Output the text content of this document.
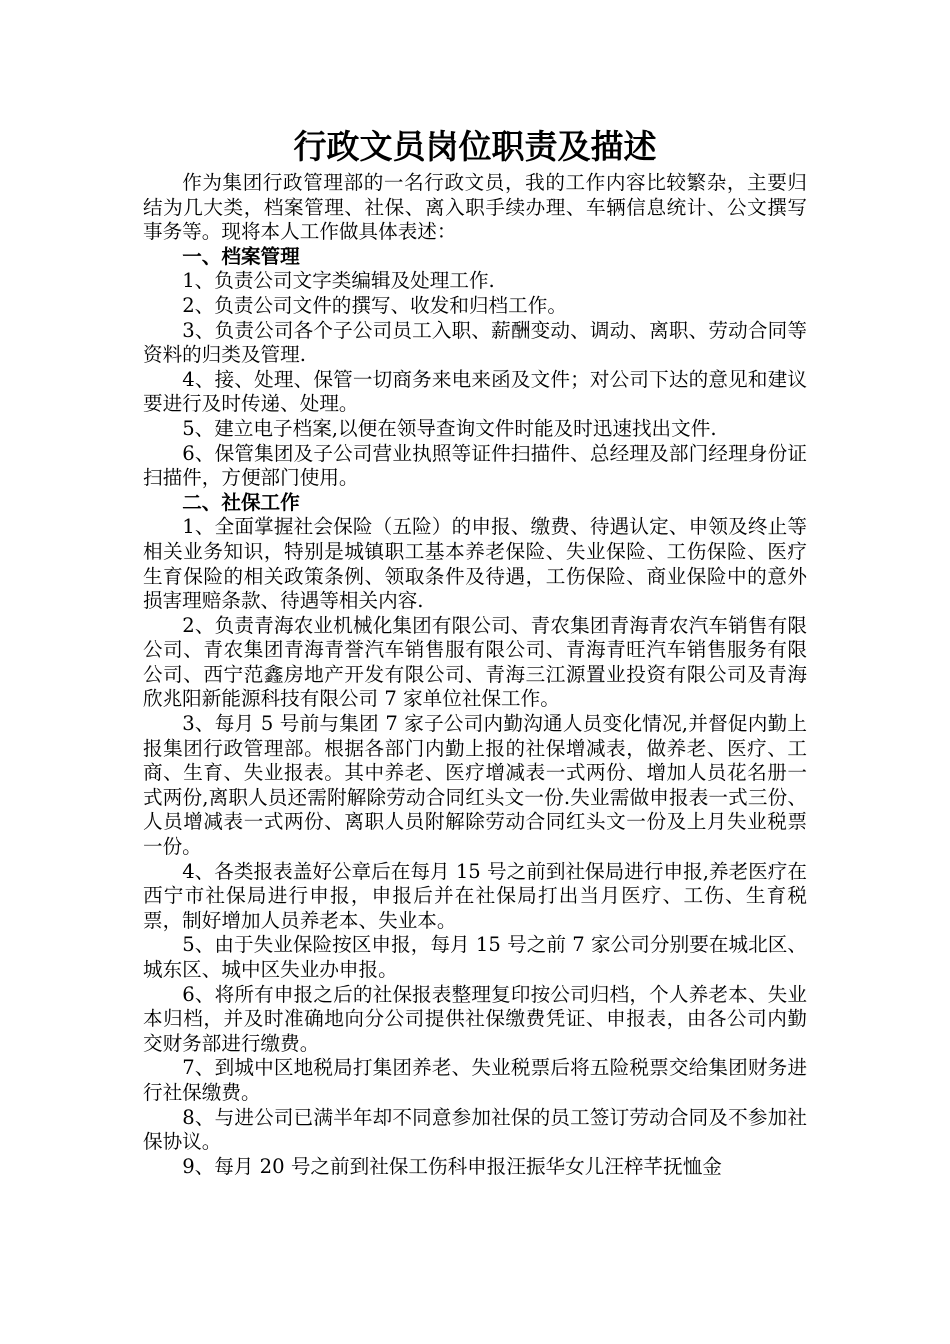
行政文员岗位职责及描述

作为集团行政管理部的一名行政文员，我的工作内容比较繁杂，主要归结为几大类，档案管理、社保、离入职手续办理、车辆信息统计、公文撰写事务等。现将本人工作做具体表述：

一、档案管理

1、负责公司文字类编辑及处理工作.

2、负责公司文件的撰写、收发和归档工作。

3、负责公司各个子公司员工入职、薪酬变动、调动、离职、劳动合同等资料的归类及管理.

4、接、处理、保管一切商务来电来函及文件；对公司下达的意见和建议要进行及时传递、处理。

5、建立电子档案,以便在领导查询文件时能及时迅速找出文件.

6、保管集团及子公司营业执照等证件扫描件、总经理及部门经理身份证扫描件，方便部门使用。

二、社保工作

1、全面掌握社会保险（五险）的申报、缴费、待遇认定、申领及终止等相关业务知识，特别是城镇职工基本养老保险、失业保险、工伤保险、医疗生育保险的相关政策条例、领取条件及待遇，工伤保险、商业保险中的意外损害理赔条款、待遇等相关内容.

2、负责青海农业机械化集团有限公司、青农集团青海青农汽车销售有限公司、青农集团青海青誉汽车销售服有限公司、青海青旺汽车销售服务有限公司、西宁范鑫房地产开发有限公司、青海三江源置业投资有限公司及青海欣兆阳新能源科技有限公司 7 家单位社保工作。

3、每月 5 号前与集团 7 家子公司内勤沟通人员变化情况,并督促内勤上报集团行政管理部。根据各部门内勤上报的社保增减表，做养老、医疗、工商、生育、失业报表。其中养老、医疗增减表一式两份、增加人员花名册一式两份,离职人员还需附解除劳动合同红头文一份.失业需做申报表一式三份、人员增减表一式两份、离职人员附解除劳动合同红头文一份及上月失业税票一份。

4、各类报表盖好公章后在每月 15 号之前到社保局进行申报,养老医疗在西宁市社保局进行申报，申报后并在社保局打出当月医疗、工伤、生育税票，制好增加人员养老本、失业本。

5、由于失业保险按区申报，每月 15 号之前 7 家公司分别要在城北区、城东区、城中区失业办申报。

6、将所有申报之后的社保报表整理复印按公司归档，个人养老本、失业本归档，并及时准确地向分公司提供社保缴费凭证、申报表，由各公司内勤交财务部进行缴费。

7、到城中区地税局打集团养老、失业税票后将五险税票交给集团财务进行社保缴费。

8、与进公司已满半年却不同意参加社保的员工签订劳动合同及不参加社保协议。

9、每月 20 号之前到社保工伤科申报汪振华女儿汪梓芊抚恤金
